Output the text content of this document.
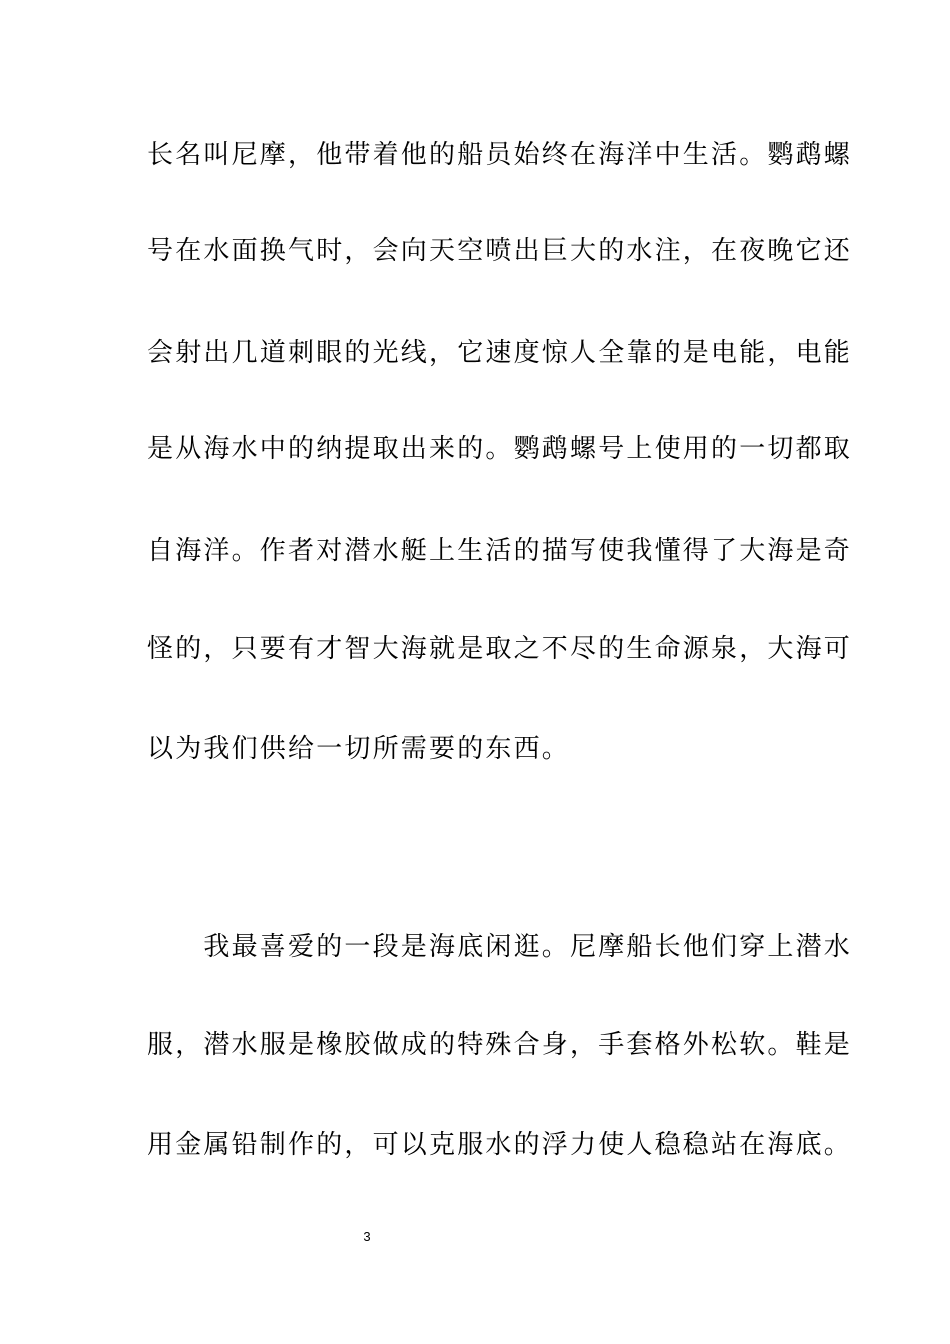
长名叫尼摩，他带着他的船员始终在海洋中生活。鹦鹉螺
号在水面换气时，会向天空喷出巨大的水注，在夜晚它还
会射出几道刺眼的光线，它速度惊人全靠的是电能，电能
是从海水中的纳提取出来的。鹦鹉螺号上使用的一切都取
自海洋。作者对潜水艇上生活的描写使我懂得了大海是奇
怪的，只要有才智大海就是取之不尽的生命源泉，大海可
以为我们供给一切所需要的东西。
　　我最喜爱的一段是海底闲逛。尼摩船长他们穿上潜水
服，潜水服是橡胶做成的特殊合身，手套格外松软。鞋是
用金属铅制作的，可以克服水的浮力使人稳稳站在海底。
3
